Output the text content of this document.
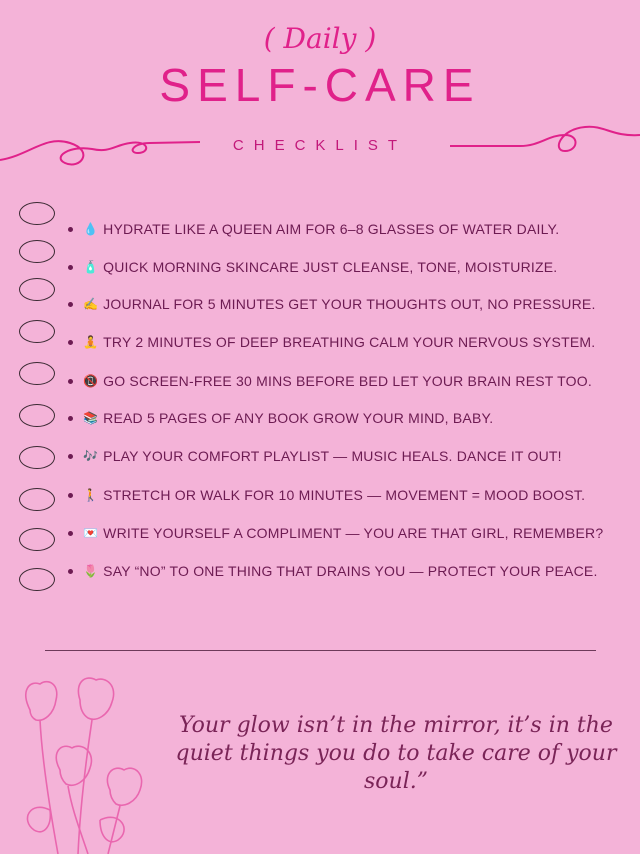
( Daily )
SELF-CARE
CHECKLIST
💧 HYDRATE LIKE A QUEEN AIM FOR 6–8 GLASSES OF WATER DAILY.
🧴 QUICK MORNING SKINCARE JUST CLEANSE, TONE, MOISTURIZE.
✍ JOURNAL FOR 5 MINUTES GET YOUR THOUGHTS OUT, NO PRESSURE.
🧘 TRY 2 MINUTES OF DEEP BREATHING CALM YOUR NERVOUS SYSTEM.
📵 GO SCREEN-FREE 30 MINS BEFORE BED LET YOUR BRAIN REST TOO.
📚 READ 5 PAGES OF ANY BOOK GROW YOUR MIND, BABY.
🎶 PLAY YOUR COMFORT PLAYLIST — MUSIC HEALS. DANCE IT OUT!
🚶 STRETCH OR WALK FOR 10 MINUTES — MOVEMENT = MOOD BOOST.
💌 WRITE YOURSELF A COMPLIMENT — YOU ARE THAT GIRL, REMEMBER?
🌷 SAY “NO” TO ONE THING THAT DRAINS YOU — PROTECT YOUR PEACE.
Your glow isn’t in the mirror, it’s in the quiet things you do to take care of your soul.”
